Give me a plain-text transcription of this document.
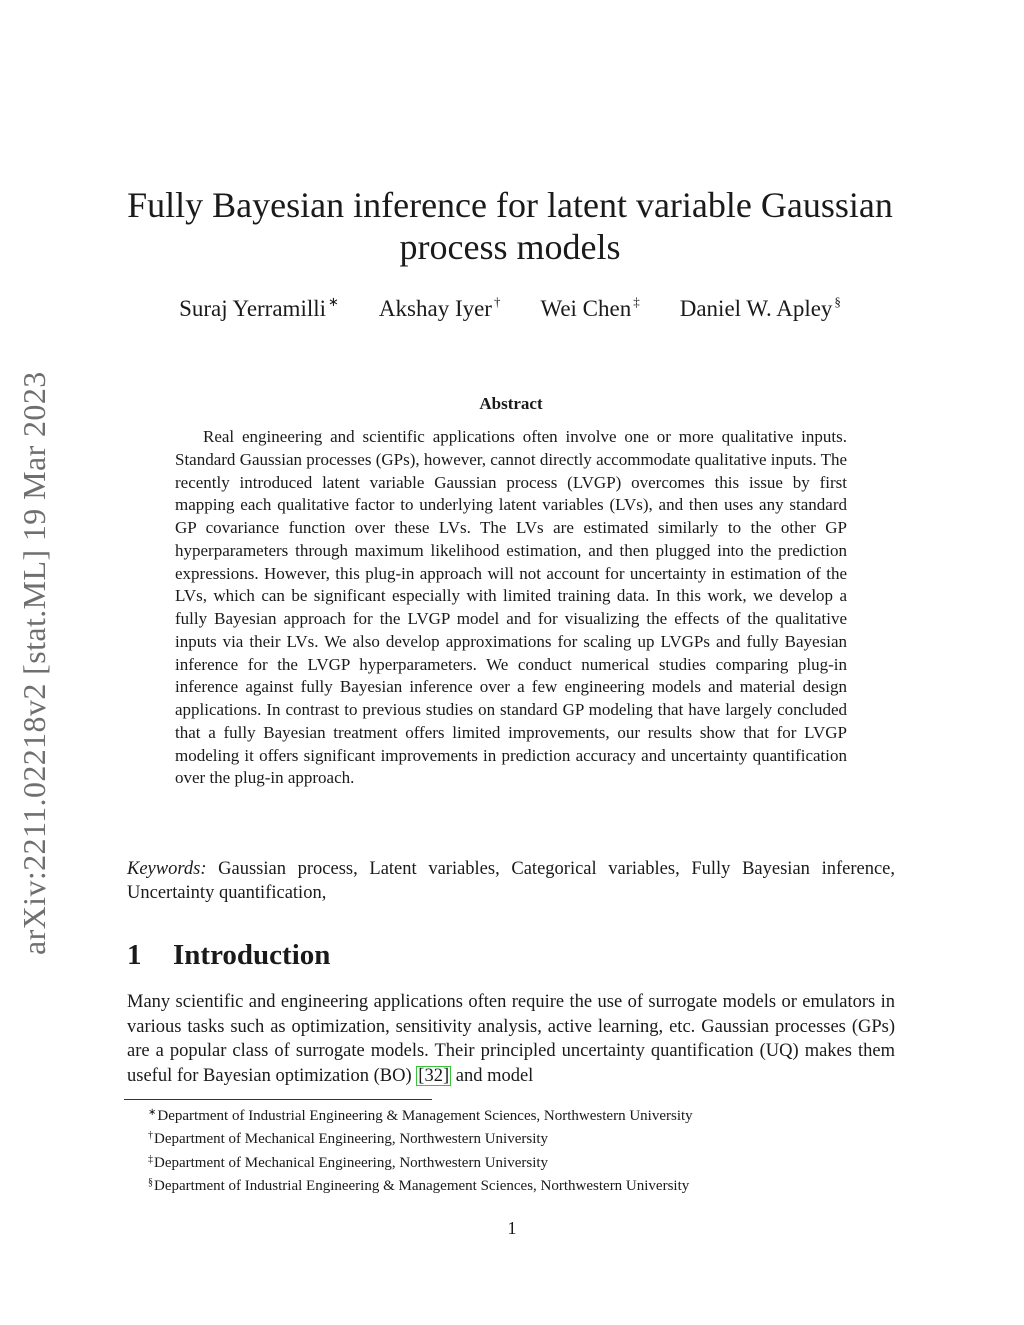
arXiv:2211.02218v2 [stat.ML] 19 Mar 2023
Fully Bayesian inference for latent variable Gaussian
process models
Suraj Yerramilli ∗ Akshay Iyer † Wei Chen ‡ Daniel W. Apley §
Abstract

Real engineering and scientific applications often involve one or more qualitative inputs. Standard Gaussian processes (GPs), however, cannot directly accommodate qualitative inputs. The recently introduced latent variable Gaussian process (LVGP) overcomes this issue by first mapping each qualitative factor to underlying latent variables (LVs), and then uses any standard GP covariance function over these LVs. The LVs are estimated similarly to the other GP hyperparameters through maximum likelihood estimation, and then plugged into the prediction expressions. However, this plug-in approach will not account for uncertainty in estimation of the LVs, which can be significant especially with limited training data. In this work, we develop a fully Bayesian approach for the LVGP model and for visualizing the effects of the qualitative inputs via their LVs. We also develop approximations for scaling up LVGPs and fully Bayesian inference for the LVGP hyperparameters. We conduct numerical studies comparing plug-in inference against fully Bayesian inference over a few engineering models and material design applications. In contrast to previous studies on standard GP modeling that have largely concluded that a fully Bayesian treatment offers limited improvements, our results show that for LVGP modeling it offers significant improvements in prediction accuracy and uncertainty quantification over the plug-in approach.

Keywords: Gaussian process, Latent variables, Categorical variables, Fully Bayesian inference, Uncertainty quantification,

1 Introduction

Many scientific and engineering applications often require the use of surrogate models or emulators in various tasks such as optimization, sensitivity analysis, active learning, etc. Gaussian processes (GPs) are a popular class of surrogate models. Their principled uncertainty quantification (UQ) makes them useful for Bayesian optimization (BO) [32] and model

∗Department of Industrial Engineering & Management Sciences, Northwestern University
†Department of Mechanical Engineering, Northwestern University
‡Department of Mechanical Engineering, Northwestern University
§Department of Industrial Engineering & Management Sciences, Northwestern University
1
